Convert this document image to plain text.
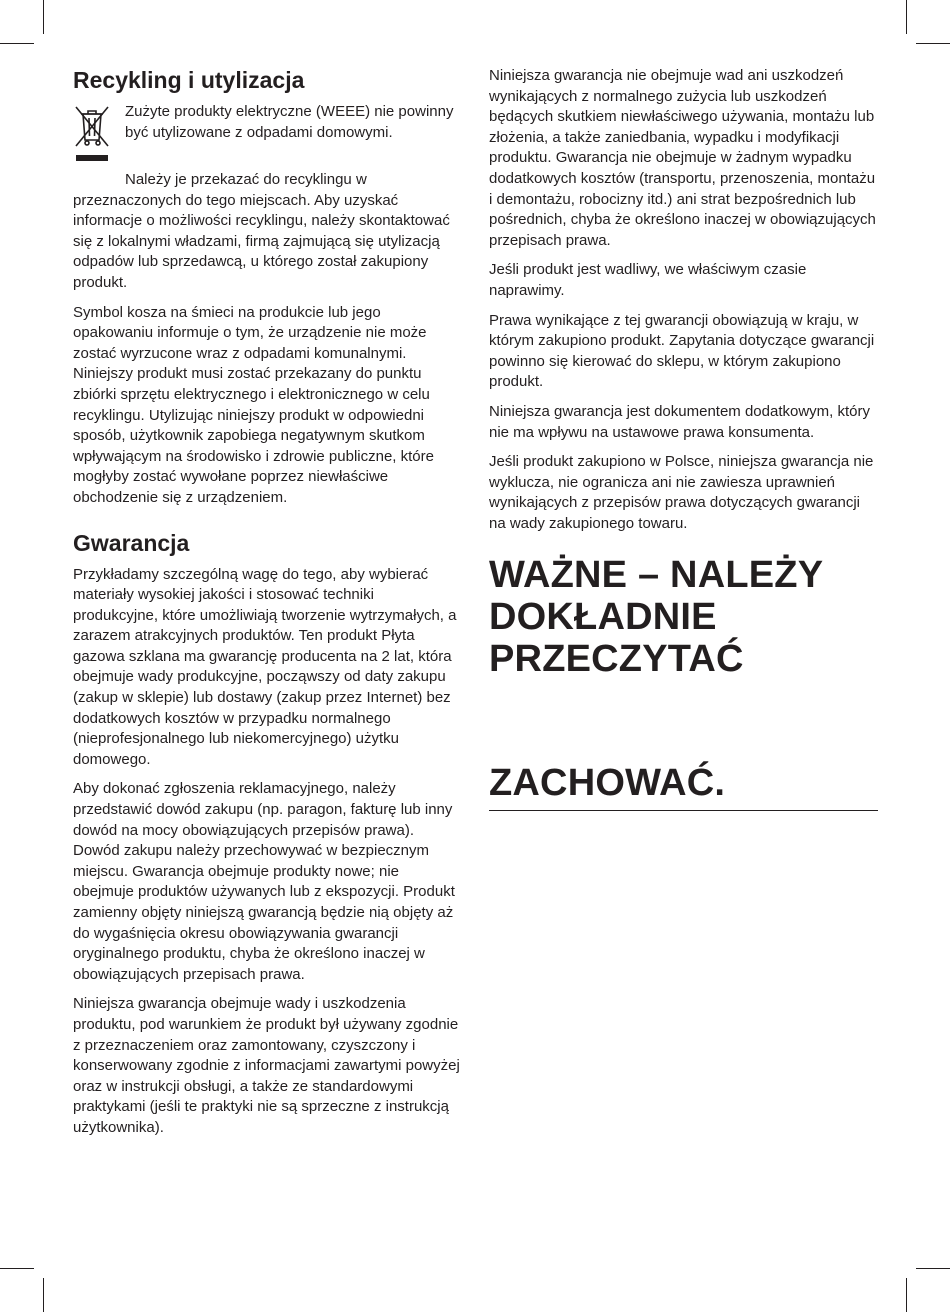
Recykling i utylizacja
Zużyte produkty elektryczne (WEEE) nie powinny być utylizowane z odpadami domowymi.

Należy je przekazać do recyklingu w przeznaczonych do tego miejscach. Aby uzyskać informacje o możliwości recyklingu, należy skontaktować się z lokalnymi władzami, firmą zajmującą się utylizacją odpadów lub sprzedawcą, u którego został zakupiony produkt.

Symbol kosza na śmieci na produkcie lub jego opakowaniu informuje o tym, że urządzenie nie może zostać wyrzucone wraz z odpadami komunalnymi. Niniejszy produkt musi zostać przekazany do punktu zbiórki sprzętu elektrycznego i elektronicznego w celu recyklingu. Utylizując niniejszy produkt w odpowiedni sposób, użytkownik zapobiega negatywnym skutkom wpływającym na środowisko i zdrowie publiczne, które mogłyby zostać wywołane poprzez niewłaściwe obchodzenie się z urządzeniem.

Gwarancja

Przykładamy szczególną wagę do tego, aby wybierać materiały wysokiej jakości i stosować techniki produkcyjne, które umożliwiają tworzenie wytrzymałych, a zarazem atrakcyjnych produktów. Ten produkt Płyta gazowa szklana ma gwarancję producenta na 2 lat, która obejmuje wady produkcyjne, począwszy od daty zakupu (zakup w sklepie) lub dostawy (zakup przez Internet) bez dodatkowych kosztów w przypadku normalnego (nieprofesjonalnego lub niekomercyjnego) użytku domowego.

Aby dokonać zgłoszenia reklamacyjnego, należy przedstawić dowód zakupu (np. paragon, fakturę lub inny dowód na mocy obowiązujących przepisów prawa). Dowód zakupu należy przechowywać w bezpiecznym miejscu. Gwarancja obejmuje produkty nowe; nie obejmuje produktów używanych lub z ekspozycji. Produkt zamienny objęty niniejszą gwarancją będzie nią objęty aż do wygaśnięcia okresu obowiązywania gwarancji oryginalnego produktu, chyba że określono inaczej w obowiązujących przepisach prawa.

Niniejsza gwarancja obejmuje wady i uszkodzenia produktu, pod warunkiem że produkt był używany zgodnie z przeznaczeniem oraz zamontowany, czyszczony i konserwowany zgodnie z informacjami zawartymi powyżej oraz w instrukcji obsługi, a także ze standardowymi praktykami (jeśli te praktyki nie są sprzeczne z instrukcją użytkownika).

Niniejsza gwarancja nie obejmuje wad ani uszkodzeń wynikających z normalnego zużycia lub uszkodzeń będących skutkiem niewłaściwego używania, montażu lub złożenia, a także zaniedbania, wypadku i modyfikacji produktu. Gwarancja nie obejmuje w żadnym wypadku dodatkowych kosztów (transportu, przenoszenia, montażu i demontażu, robocizny itd.) ani strat bezpośrednich lub pośrednich, chyba że określono inaczej w obowiązujących przepisach prawa.

Jeśli produkt jest wadliwy, we właściwym czasie naprawimy.

Prawa wynikające z tej gwarancji obowiązują w kraju, w którym zakupiono produkt. Zapytania dotyczące gwarancji powinno się kierować do sklepu, w którym zakupiono produkt.

Niniejsza gwarancja jest dokumentem dodatkowym, który nie ma wpływu na ustawowe prawa konsumenta.

Jeśli produkt zakupiono w Polsce, niniejsza gwarancja nie wyklucza, nie ogranicza ani nie zawiesza uprawnień wynikających z przepisów prawa dotyczących gwarancji na wady zakupionego towaru.

WAŻNE – NALEŻY
DOKŁADNIE
PRZECZYTAĆ
ZACHOWAĆ.
